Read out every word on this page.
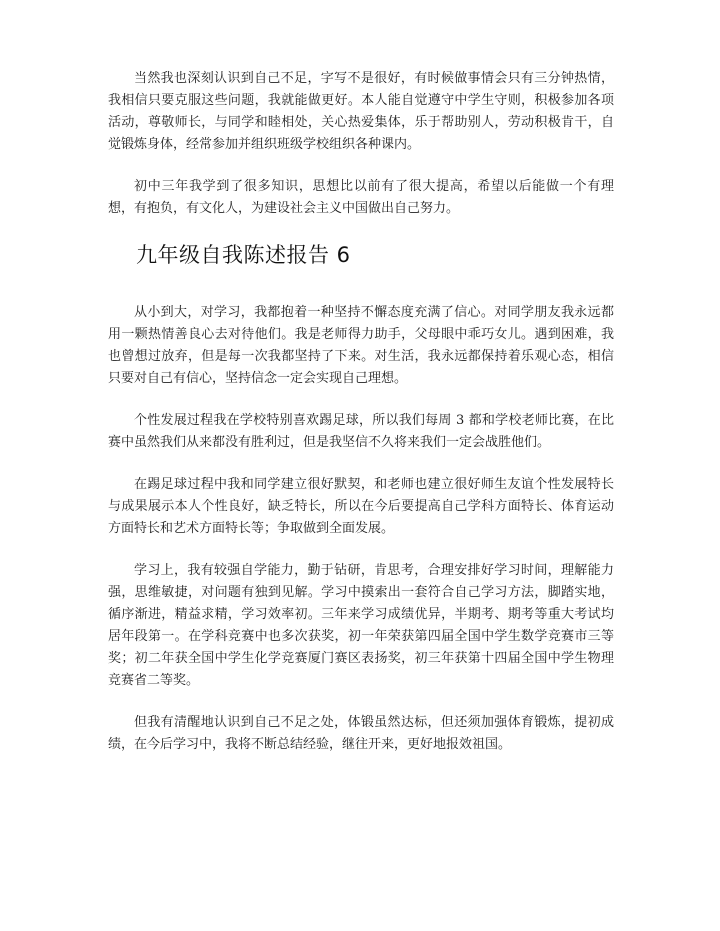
当然我也深刻认识到自己不足，字写不是很好，有时候做事情会只有三分钟热情，我相信只要克服这些问题，我就能做更好。本人能自觉遵守中学生守则，积极参加各项活动，尊敬师长，与同学和睦相处，关心热爱集体，乐于帮助别人，劳动积极肯干，自觉锻炼身体，经常参加并组织班级学校组织各种课内。

初中三年我学到了很多知识，思想比以前有了很大提高，希望以后能做一个有理想，有抱负，有文化人，为建设社会主义中国做出自己努力。

九年级自我陈述报告 6

从小到大，对学习，我都抱着一种坚持不懈态度充满了信心。对同学朋友我永远都用一颗热情善良心去对待他们。我是老师得力助手，父母眼中乖巧女儿。遇到困难，我也曾想过放弃，但是每一次我都坚持了下来。对生活，我永远都保持着乐观心态，相信只要对自己有信心，坚持信念一定会实现自己理想。

个性发展过程我在学校特别喜欢踢足球，所以我们每周 3 都和学校老师比赛，在比赛中虽然我们从来都没有胜利过，但是我坚信不久将来我们一定会战胜他们。

在踢足球过程中我和同学建立很好默契，和老师也建立很好师生友谊个性发展特长与成果展示本人个性良好，缺乏特长，所以在今后要提高自己学科方面特长、体育运动方面特长和艺术方面特长等；争取做到全面发展。

学习上，我有较强自学能力，勤于钻研，肯思考，合理安排好学习时间，理解能力强，思维敏捷，对问题有独到见解。学习中摸索出一套符合自己学习方法，脚踏实地，循序渐进，精益求精，学习效率初。三年来学习成绩优异，半期考、期考等重大考试均居年段第一。在学科竞赛中也多次获奖，初一年荣获第四届全国中学生数学竞赛市三等奖；初二年获全国中学生化学竞赛厦门赛区表扬奖，初三年获第十四届全国中学生物理竞赛省二等奖。

但我有清醒地认识到自己不足之处，体锻虽然达标，但还须加强体育锻炼，提初成绩，在今后学习中，我将不断总结经验，继往开来，更好地报效祖国。
